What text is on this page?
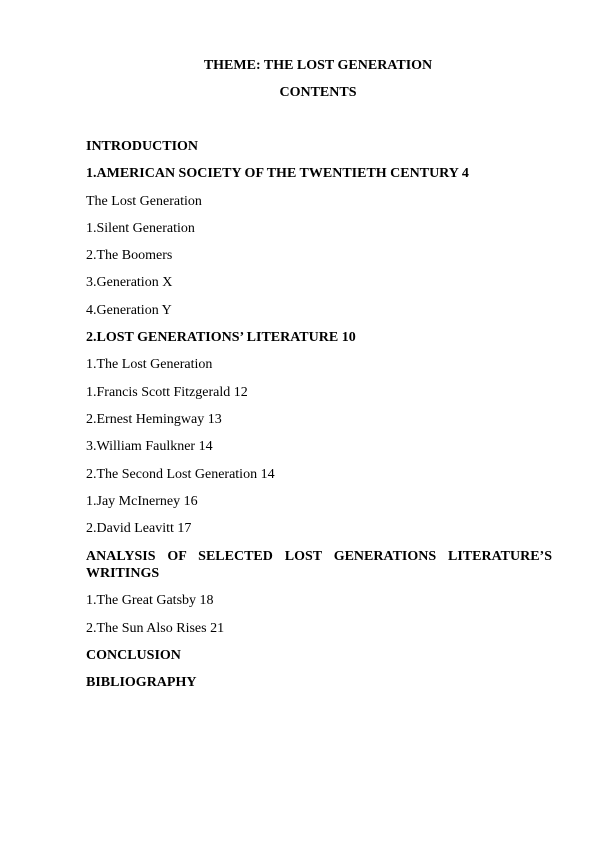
THEME: THE LOST GENERATION
CONTENTS
INTRODUCTION
1.AMERICAN SOCIETY OF THE TWENTIETH CENTURY 4
The Lost Generation
1.Silent Generation
2.The Boomers
3.Generation X
4.Generation Y
2.LOST GENERATIONS’ LITERATURE 10
1.The Lost Generation
1.Francis Scott Fitzgerald 12
2.Ernest Hemingway 13
3.William Faulkner 14
2.The Second Lost Generation 14
1.Jay McInerney 16
2.David Leavitt 17
ANALYSIS OF SELECTED LOST GENERATIONS LITERATURE’S WRITINGS
1.The Great Gatsby 18
2.The Sun Also Rises 21
CONCLUSION
BIBLIOGRAPHY
